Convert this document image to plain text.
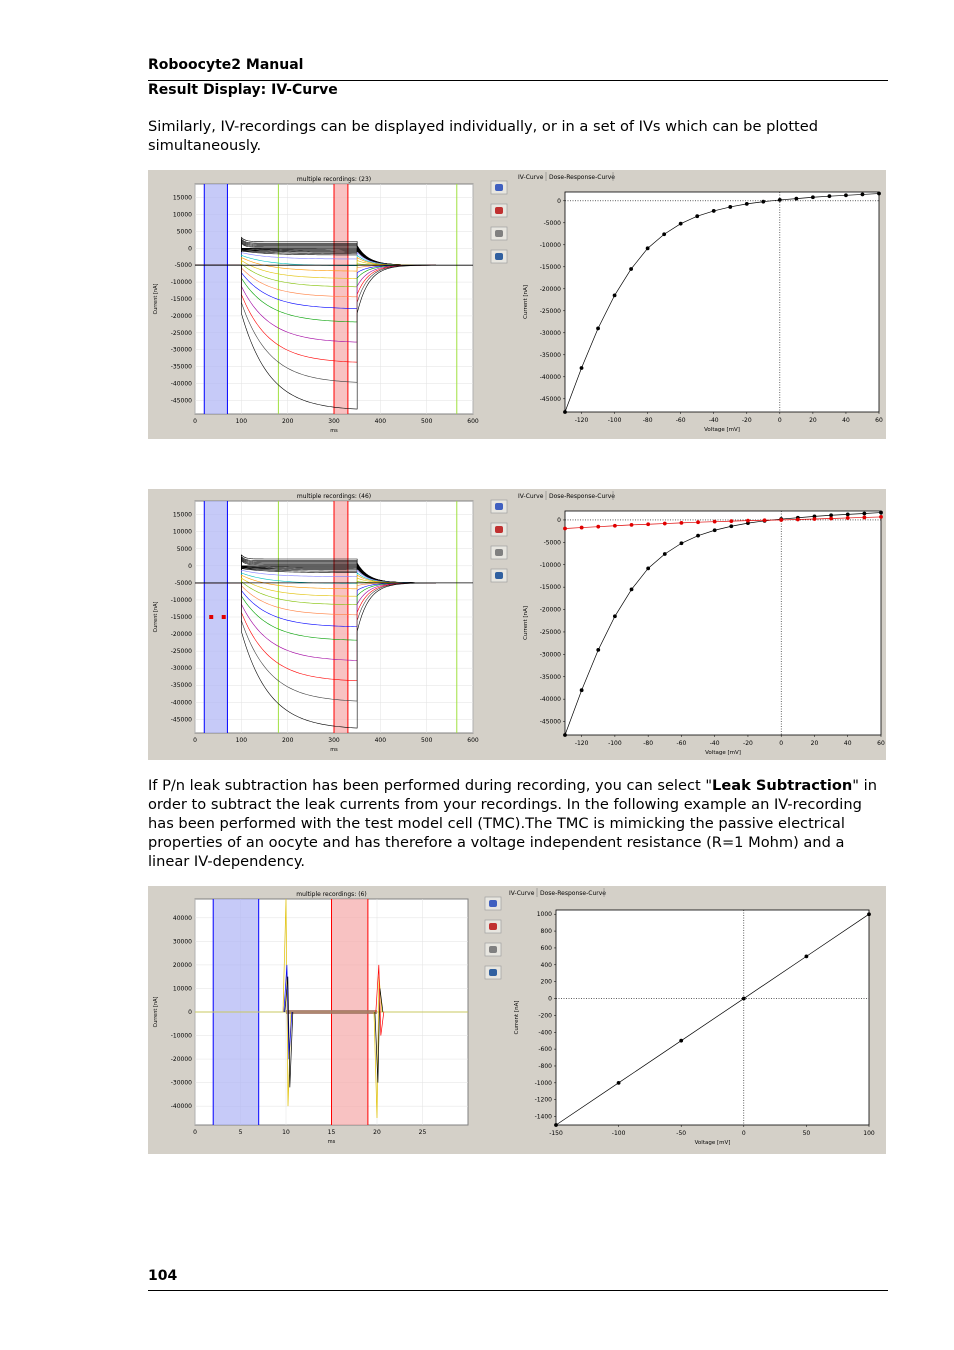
Roboocyte2 Manual
Result Display: IV-Curve
Similarly, IV-recordings can be displayed individually, or in a set of IVs which can be plotted simultaneously.
multiple recordings: (23)
15000
10000
5000
0
-5000
-10000
-15000
-20000
-25000
-30000
-35000
-40000
-45000
0	100	200	300	400	500	600
ms
Current [nA]
IV-Curve Dose-Response-Curve
0
-5000
-10000
-15000
-20000
-25000
-30000
-35000
-40000
-45000
-120	-100	-80	-60	-40	-20	0	20	40	60
Voltage [mV]
Current [nA]
multiple recordings: (46)
15000
10000
5000
0
-5000
-10000
-15000
-20000
-25000
-30000
-35000
-40000
-45000
0	100	200	300	400	500	600
ms
Current [nA]
IV-Curve Dose-Response-Curve
0
-5000
-10000
-15000
-20000
-25000
-30000
-35000
-40000
-45000
-120	-100	-80	-60	-40	-20	0	20	40	60
Voltage [mV]
Current [nA]
If P/n leak subtraction has been performed during recording, you can select "Leak Subtraction" in order to subtract the leak currents from your recordings. In the following example an IV-recording has been performed with the test model cell (TMC).The TMC is mimicking the passive electrical properties of an oocyte and has therefore a voltage independent resistance (R=1 Mohm) and a linear IV-dependency.
multiple recordings: (6)
40000
30000
20000
10000
0
-10000
-20000
-30000
-40000
0	5	10	15	20	25
ms
Current [nA]
IV-Curve Dose-Response-Curve
1000
800
600
400
200
0
-200
-400
-600
-800
-1000
-1200
-1400
-150	-100	-50	0	50	100
Voltage [mV]
Current [nA]
104
